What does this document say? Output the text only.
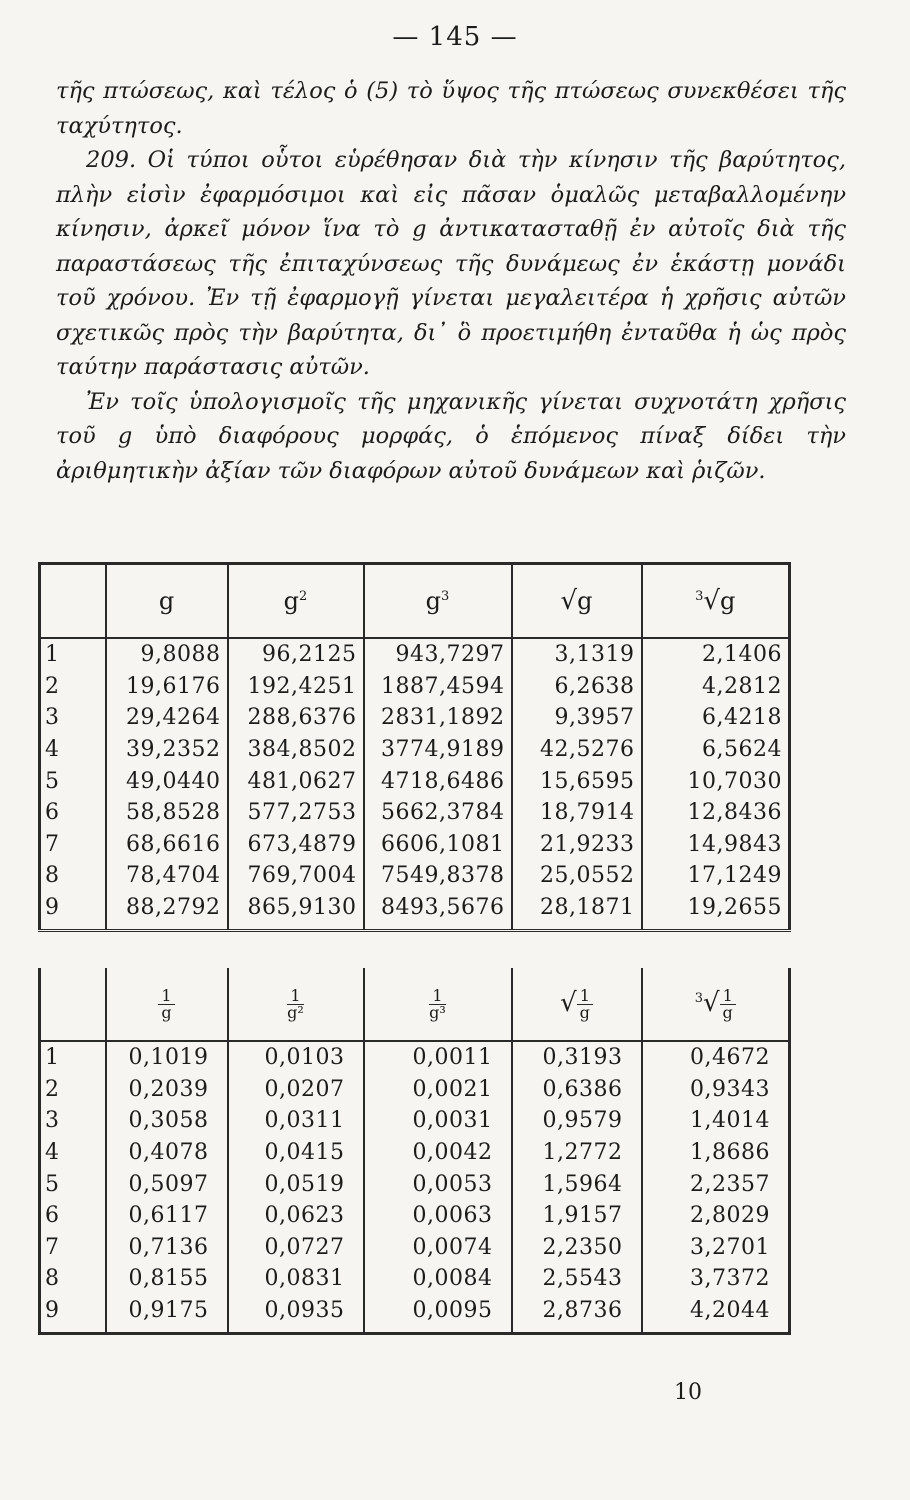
— 145 —

τῆς πτώσεως, καὶ τέλος ὁ (5) τὸ ὕψος τῆς πτώσεως συνεκθέσει τῆς ταχύτητος.

209. Οἱ τύποι οὗτοι εὑρέθησαν διὰ τὴν κίνησιν τῆς βαρύτητος, πλὴν εἰσὶν ἐφαρμόσιμοι καὶ εἰς πᾶσαν ὁμαλῶς μεταβαλλομένην κίνησιν, ἀρκεῖ μόνον ἵνα τὸ g ἀντικατασταθῇ ἐν αὐτοῖς διὰ τῆς παραστάσεως τῆς ἐπιταχύνσεως τῆς δυνάμεως ἐν ἑκάστῃ μονάδι τοῦ χρόνου. Ἐν τῇ ἐφαρμογῇ γίνεται μεγαλειτέρα ἡ χρῆσις αὐτῶν σχετικῶς πρὸς τὴν βαρύτητα, δι᾽ ὃ προετιμήθη ἐνταῦθα ἡ ὡς πρὸς ταύτην παράστασις αὐτῶν.

Ἐν τοῖς ὑπολογισμοῖς τῆς μηχανικῆς γίνεται συχνοτάτη χρῆσις τοῦ g ὑπὸ διαφόρους μορφάς, ὁ ἑπόμενος πίναξ δίδει τὴν ἀριθμητικὴν ἀξίαν τῶν διαφόρων αὐτοῦ δυνάμεων καὶ ῥιζῶν.

	g	$g^2$	$g^3$	√g	$^3$√g
1	9,8088	96,2125	943,7297	3,1319	2,1406
2	19,6176	192,4251	1887,4594	6,2638	4,2812
3	29,4264	288,6376	2831,1892	9,3957	6,4218
4	39,2352	384,8502	3774,9189	42,5276	6,5624
5	49,0440	481,0627	4718,6486	15,6595	10,7030
6	58,8528	577,2753	5662,3784	18,7914	12,8436
7	68,6616	673,4879	6606,1081	21,9233	14,9843
8	78,4704	769,7004	7549,8378	25,0552	17,1249
9	88,2792	865,9130	8493,5676	28,1871	19,2655

	$\frac{1}{g}$	$\frac{1}{\text{g²}}$	$\frac{1}{\text{g³}}$	√ $\frac{1}{g}$	$^3√ \frac{1}{g}$

1	0,1019	0,0103	0,0011	0,3193	0,4672
2	0,2039	0,0207	0,0021	0,6386	0,9343
3	0,3058	0,0311	0,0031	0,9579	1,4014
4	0,4078	0,0415	0,0042	1,2772	1,8686
5	0,5097	0,0519	0,0053	1,5964	2,2357
6	0,6117	0,0623	0,0063	1,9157	2,8029
7	0,7136	0,0727	0,0074	2,2350	3,2701
8	0,8155	0,0831	0,0084	2,5543	3,7372
9	0,9175	0,0935	0,0095	2,8736	4,2044
10
